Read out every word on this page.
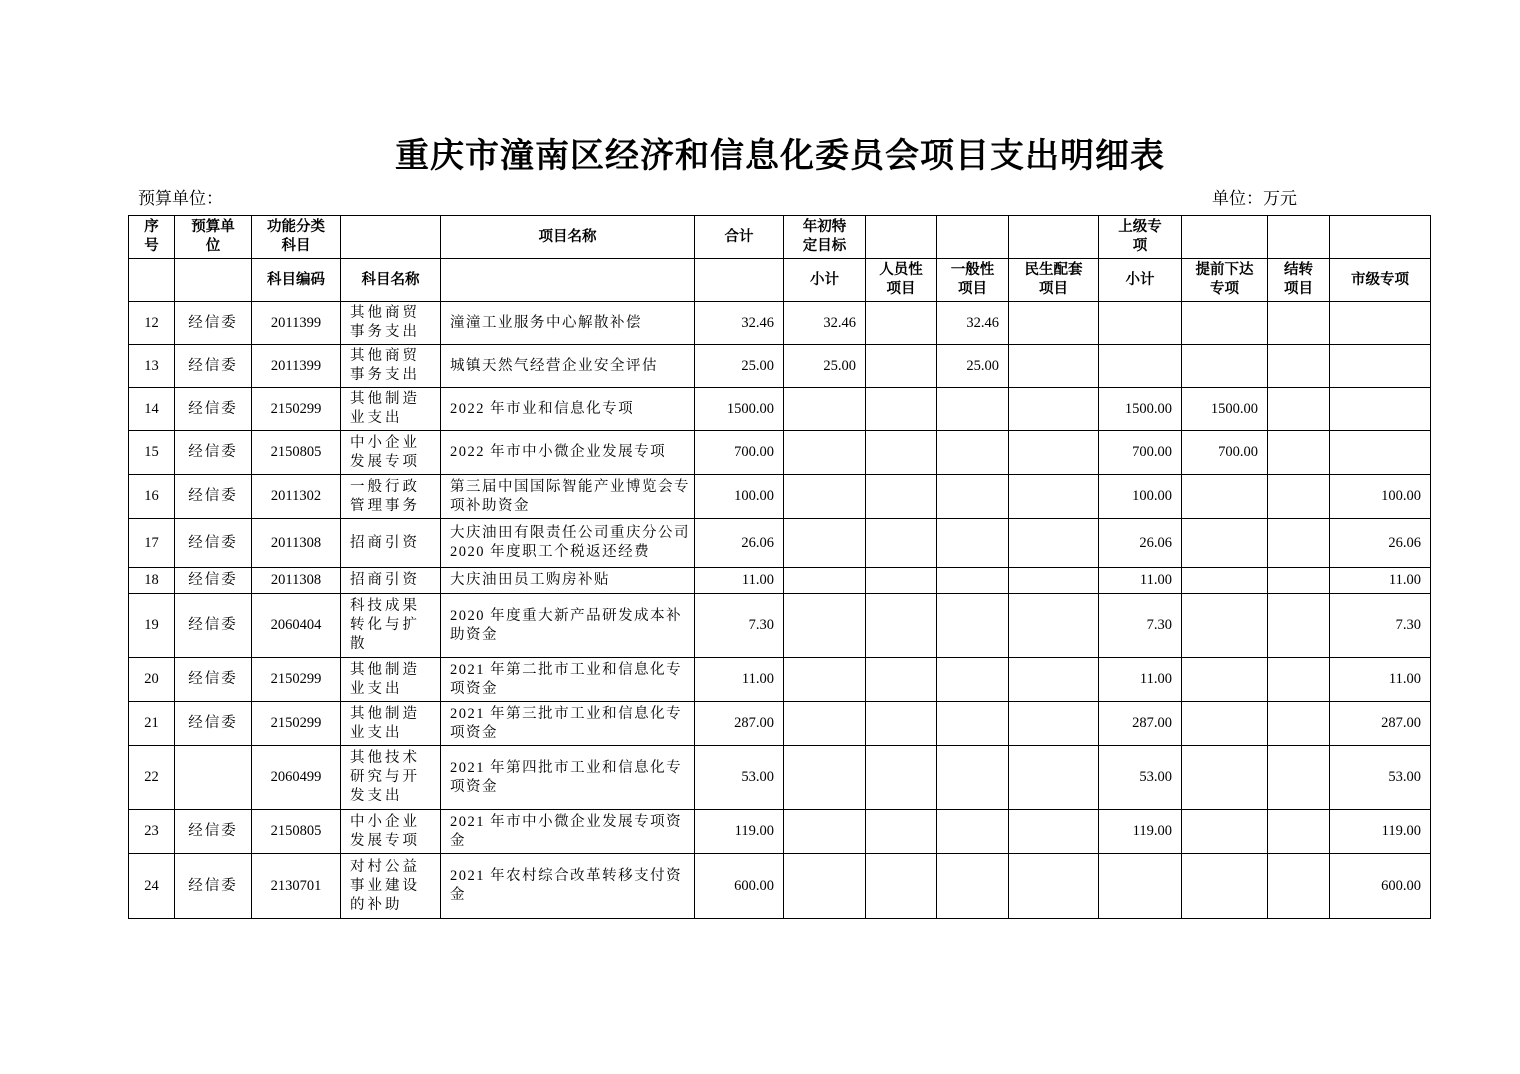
重庆市潼南区经济和信息化委员会项目支出明细表
预算单位：	单位：万元
序号	预算单位	功能分类科目		项目名称	合计	年初特定目标				上级专项			
		科目编码	科目名称			小计	人员性项目	一般性项目	民生配套项目	小计	提前下达专项	结转项目	市级专项
12	经信委	2011399	其他商贸事务支出	潼潼工业服务中心解散补偿	32.46	32.46		32.46					
13	经信委	2011399	其他商贸事务支出	城镇天然气经营企业安全评估	25.00	25.00		25.00					
14	经信委	2150299	其他制造业支出	2022 年市业和信息化专项	1500.00					1500.00	1500.00		
15	经信委	2150805	中小企业发展专项	2022 年市中小微企业发展专项	700.00					700.00	700.00		
16	经信委	2011302	一般行政管理事务	第三届中国国际智能产业博览会专项补助资金	100.00					100.00			100.00
17	经信委	2011308	招商引资	大庆油田有限责任公司重庆分公司 2020 年度职工个税返还经费	26.06					26.06			26.06
18	经信委	2011308	招商引资	大庆油田员工购房补贴	11.00					11.00			11.00
19	经信委	2060404	科技成果转化与扩散	2020 年度重大新产品研发成本补助资金	7.30					7.30			7.30
20	经信委	2150299	其他制造业支出	2021 年第二批市工业和信息化专项资金	11.00					11.00			11.00
21	经信委	2150299	其他制造业支出	2021 年第三批市工业和信息化专项资金	287.00					287.00			287.00
22		2060499	其他技术研究与开发支出	2021 年第四批市工业和信息化专项资金	53.00					53.00			53.00
23	经信委	2150805	中小企业发展专项	2021 年市中小微企业发展专项资金	119.00					119.00			119.00
24	经信委	2130701	对村公益事业建设的补助	2021 年农村综合改革转移支付资金	600.00								600.00
